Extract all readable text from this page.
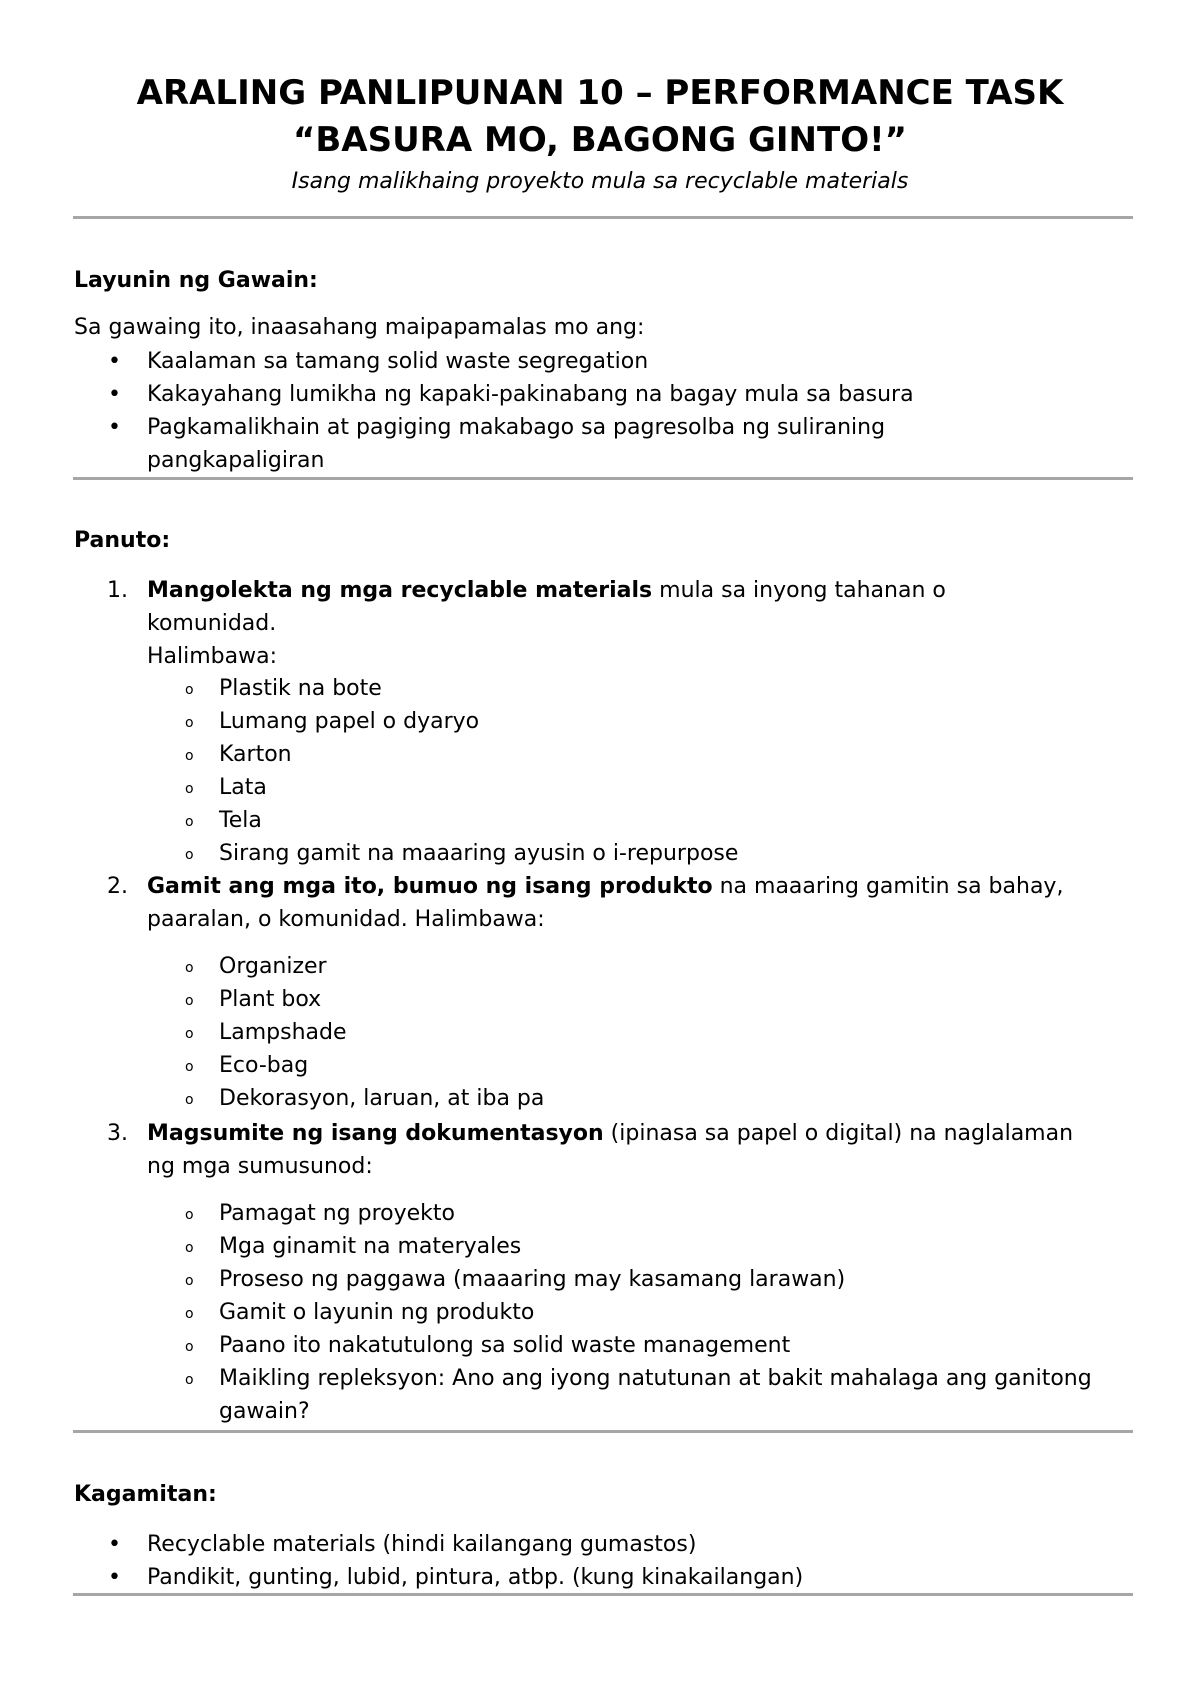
ARALING PANLIPUNAN 10 – PERFORMANCE TASK
“BASURA MO, BAGONG GINTO!”

Isang malikhaing proyekto mula sa recyclable materials

Layunin ng Gawain:

Sa gawaing ito, inaasahang maipapamalas mo ang:

• Kaalaman sa tamang solid waste segregation
• Kakayahang lumikha ng kapaki-pakinabang na bagay mula sa basura
• Pagkamalikhain at pagiging makabago sa pagresolba ng suliraning pangkapaligiran

Panuto:

1. Mangolekta ng mga recyclable materials mula sa inyong tahanan o komunidad.
Halimbawa:
o Plastik na bote
o Lumang papel o dyaryo
o Karton
o Lata
o Tela
o Sirang gamit na maaaring ayusin o i-repurpose
2. Gamit ang mga ito, bumuo ng isang produkto na maaaring gamitin sa bahay, paaralan, o komunidad. Halimbawa:
o Organizer
o Plant box
o Lampshade
o Eco-bag
o Dekorasyon, laruan, at iba pa
3. Magsumite ng isang dokumentasyon (ipinasa sa papel o digital) na naglalaman ng mga sumusunod:
o Pamagat ng proyekto
o Mga ginamit na materyales
o Proseso ng paggawa (maaaring may kasamang larawan)
o Gamit o layunin ng produkto
o Paano ito nakatutulong sa solid waste management
o Maikling repleksyon: Ano ang iyong natutunan at bakit mahalaga ang ganitong gawain?

Kagamitan:

• Recyclable materials (hindi kailangang gumastos)
• Pandikit, gunting, lubid, pintura, atbp. (kung kinakailangan)
